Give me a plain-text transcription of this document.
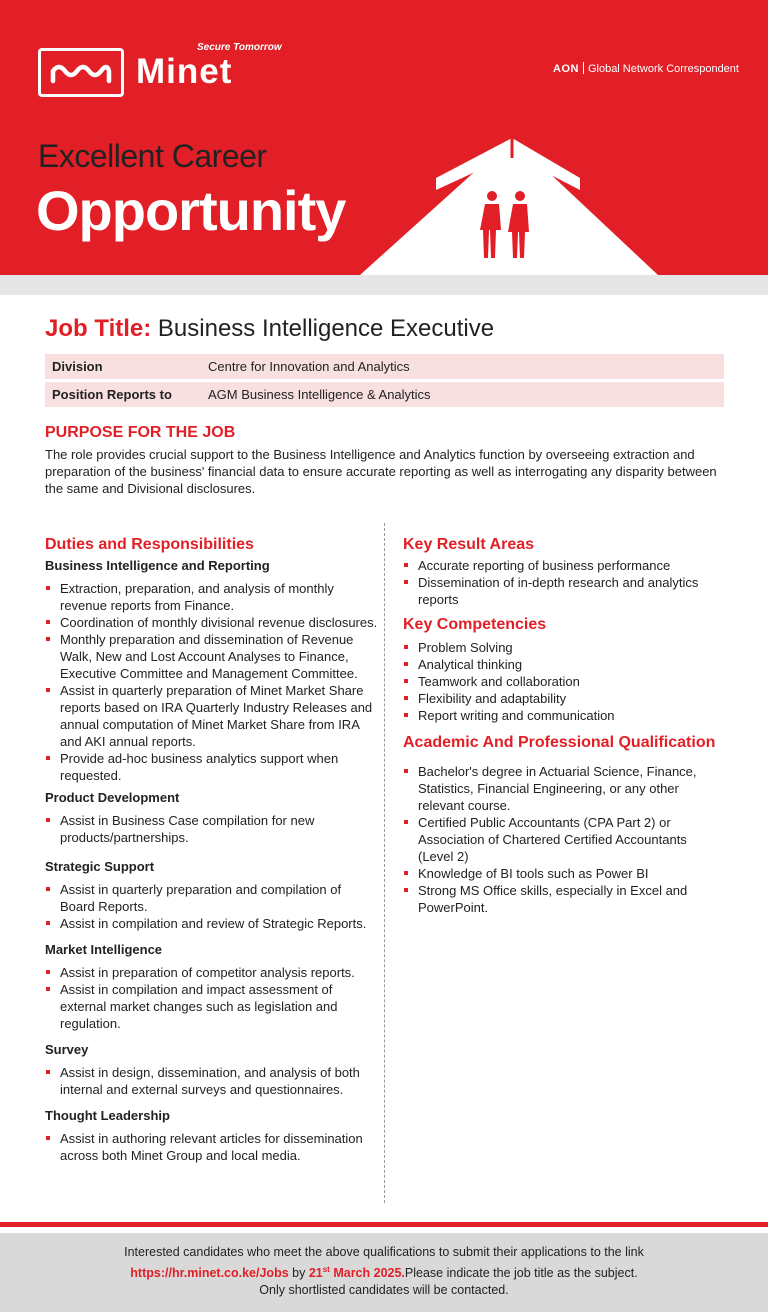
Secure Tomorrow
Minet	AON Global Network Correspondent
Excellent Career
Opportunity
Job Title: Business Intelligence Executive
Division	Centre for Innovation and Analytics
Position Reports to	AGM Business Intelligence & Analytics
PURPOSE FOR THE JOB
The role provides crucial support to the Business Intelligence and Analytics function by overseeing extraction and preparation of the business' financial data to ensure accurate reporting as well as interrogating any disparity between the same and Divisional disclosures.
Duties and Responsibilities
Business Intelligence and Reporting
Extraction, preparation, and analysis of monthly revenue reports from Finance.
Coordination of monthly divisional revenue disclosures.
Monthly preparation and dissemination of Revenue Walk, New and Lost Account Analyses to Finance, Executive Committee and Management Committee.
Assist in quarterly preparation of Minet Market Share reports based on IRA Quarterly Industry Releases and annual computation of Minet Market Share from IRA and AKI annual reports.
Provide ad-hoc business analytics support when requested.
Product Development
Assist in Business Case compilation for new products/partnerships.
Strategic Support
Assist in quarterly preparation and compilation of Board Reports.
Assist in compilation and review of Strategic Reports.
Market Intelligence
Assist in preparation of competitor analysis reports.
Assist in compilation and impact assessment of external market changes such as legislation and regulation.
Survey
Assist in design, dissemination, and analysis of both internal and external surveys and questionnaires.
Thought Leadership
Assist in authoring relevant articles for dissemination across both Minet Group and local media.
Key Result Areas
Accurate reporting of business performance
Dissemination of in-depth research and analytics reports
Key Competencies
Problem Solving
Analytical thinking
Teamwork and collaboration
Flexibility and adaptability
Report writing and communication
Academic And Professional Qualification
Bachelor's degree in Actuarial Science, Finance, Statistics, Financial Engineering, or any other relevant course.
Certified Public Accountants (CPA Part 2) or Association of Chartered Certified Accountants (Level 2)
Knowledge of BI tools such as Power BI
Strong MS Office skills, especially in Excel and PowerPoint.
Interested candidates who meet the above qualifications to submit their applications to the link
https://hr.minet.co.ke/Jobs by 21st March 2025.Please indicate the job title as the subject.
Only shortlisted candidates will be contacted.
